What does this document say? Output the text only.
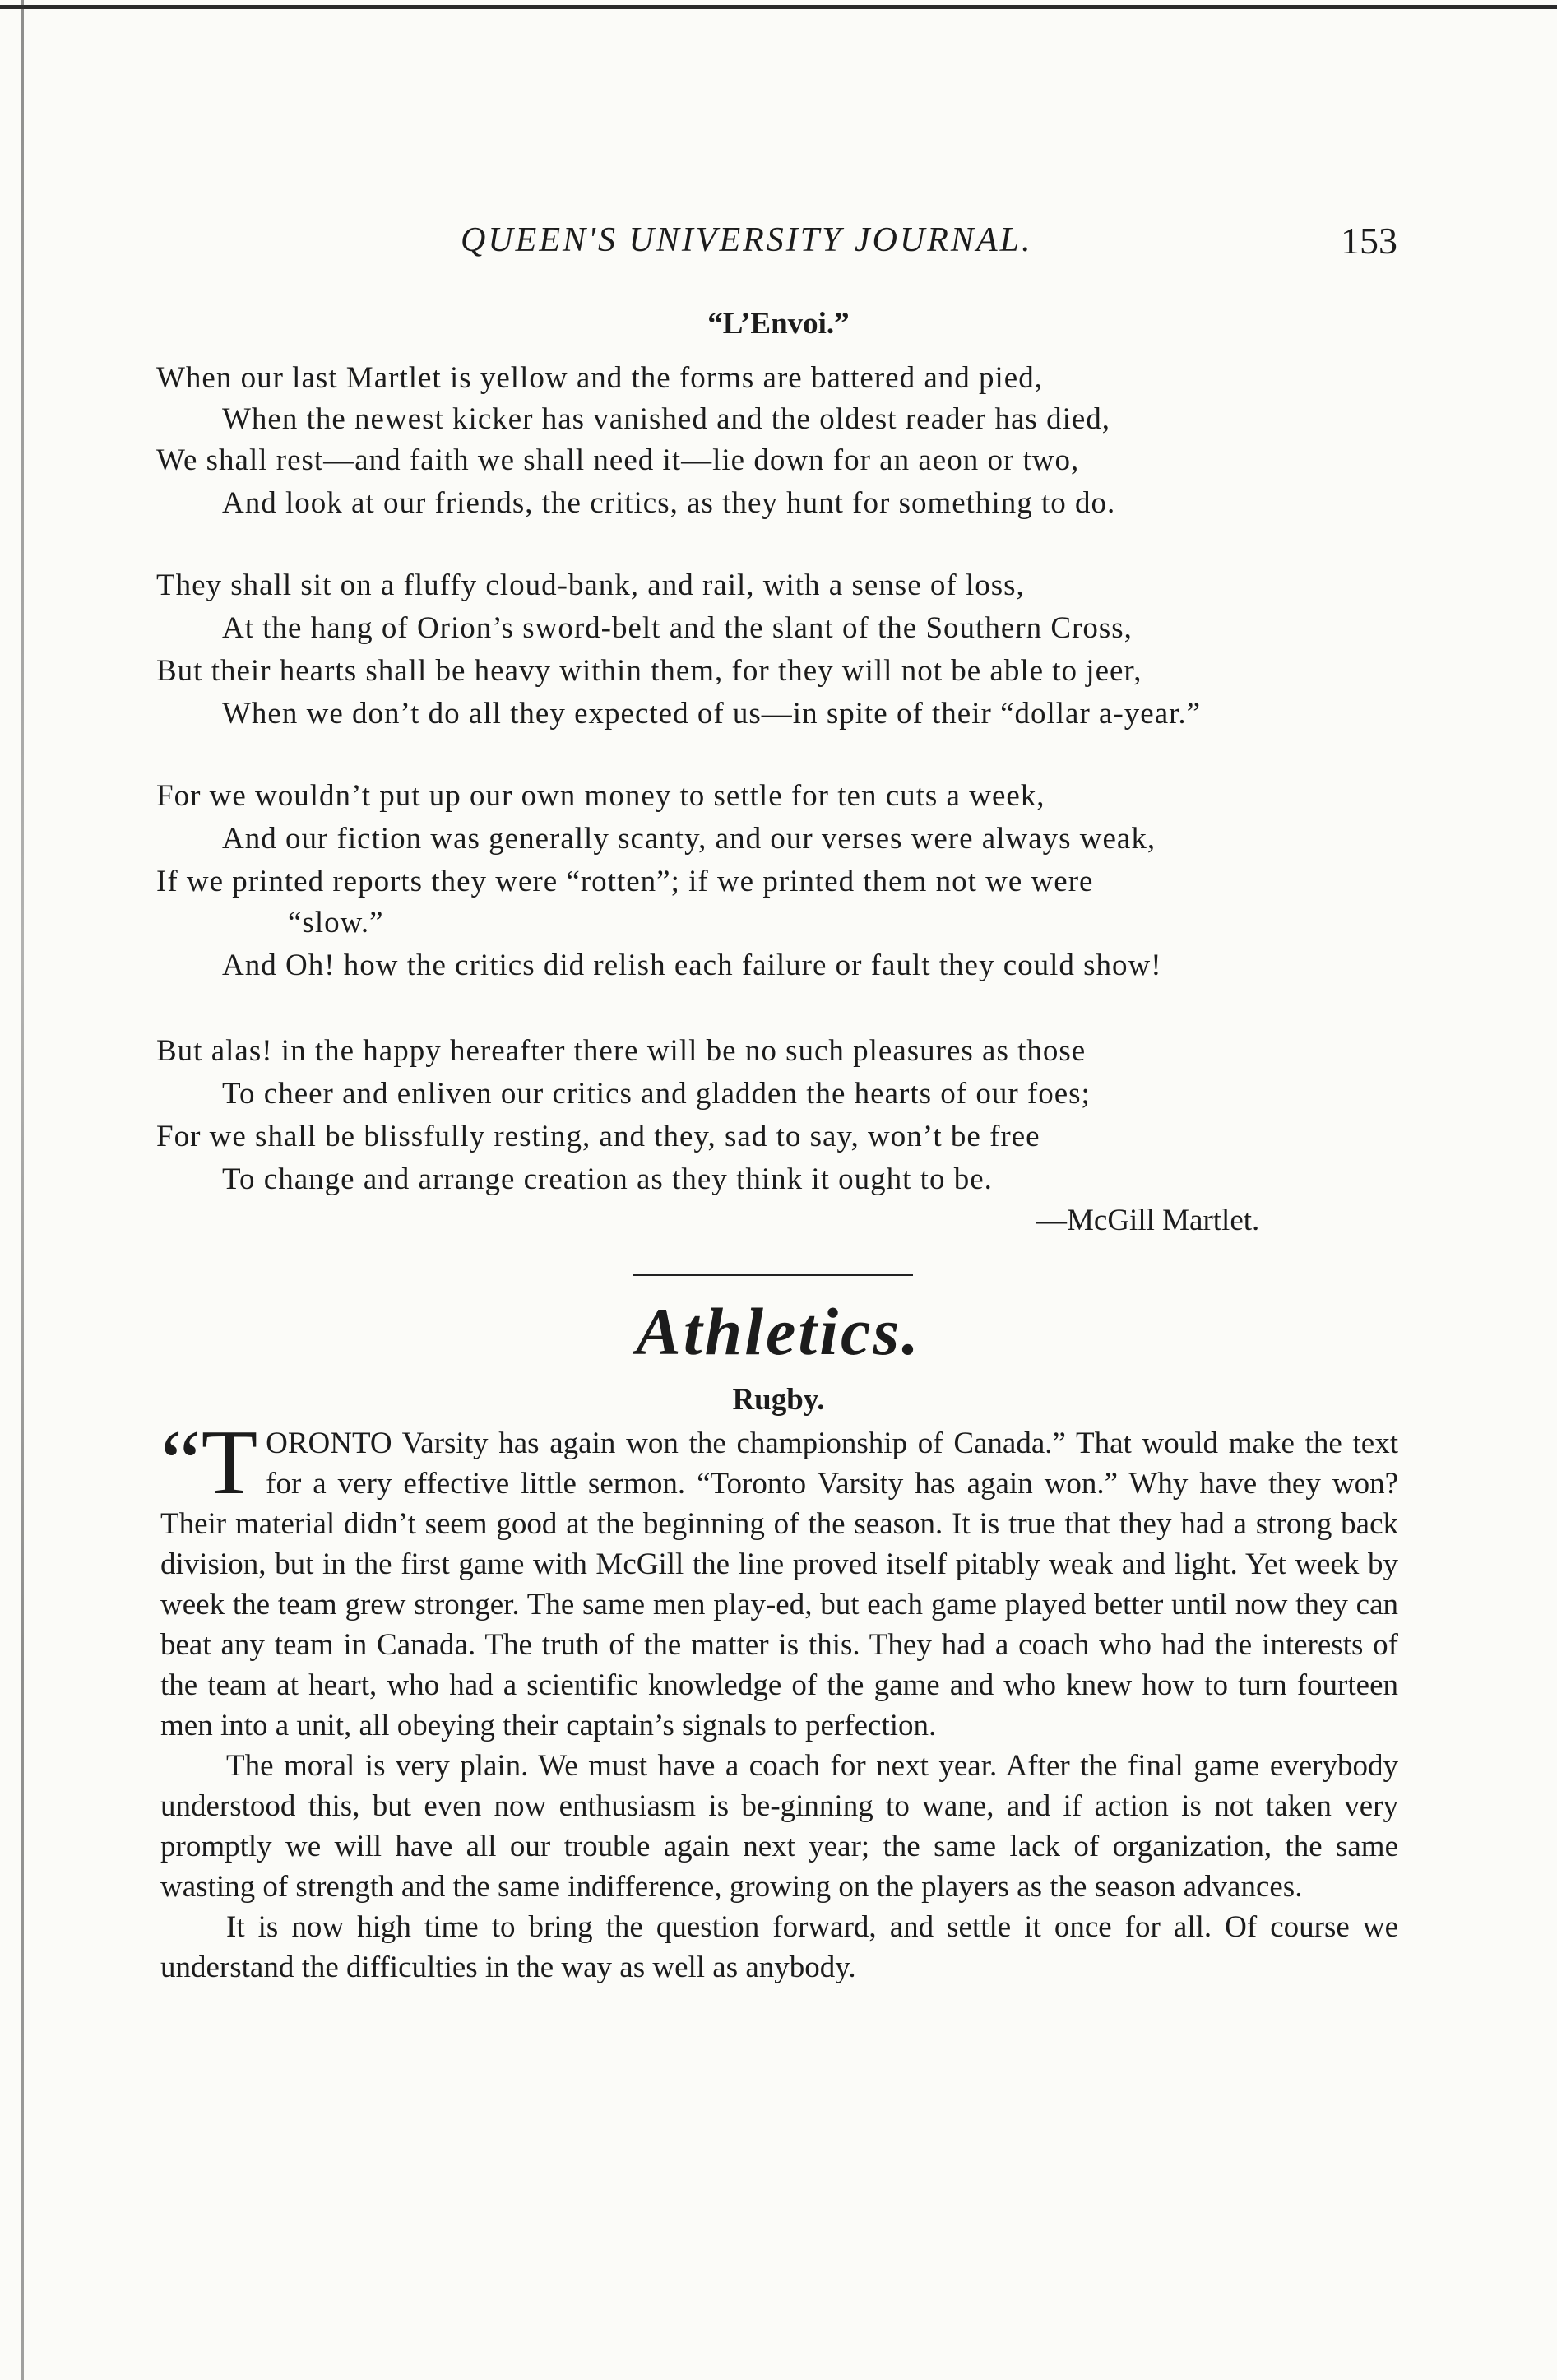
QUEEN'S UNIVERSITY JOURNAL.	153
“L’Envoi.”
When our last Martlet is yellow and the forms are battered and pied,
When the newest kicker has vanished and the oldest reader has died,
We shall rest—and faith we shall need it—lie down for an aeon or two,
And look at our friends, the critics, as they hunt for something to do.
They shall sit on a fluffy cloud-bank, and rail, with a sense of loss,
At the hang of Orion’s sword-belt and the slant of the Southern Cross,
But their hearts shall be heavy within them, for they will not be able to jeer,
When we don’t do all they expected of us—in spite of their “dollar a-year.”
For we wouldn’t put up our own money to settle for ten cuts a week,
And our fiction was generally scanty, and our verses were always weak,
If we printed reports they were “rotten”; if we printed them not we were
“slow.”
And Oh! how the critics did relish each failure or fault they could show!
But alas! in the happy hereafter there will be no such pleasures as those
To cheer and enliven our critics and gladden the hearts of our foes;
For we shall be blissfully resting, and they, sad to say, won’t be free
To change and arrange creation as they think it ought to be.
—McGill Martlet.
Athletics.
Rugby.

“TORONTO Varsity has again won the championship of Canada.” That would make the text for a very effective little sermon. “Toronto Varsity has again won.” Why have they won? Their material didn’t seem good at the beginning of the season. It is true that they had a strong back division, but in the first game with McGill the line proved itself pitably weak and light. Yet week by week the team grew stronger. The same men play-ed, but each game played better until now they can beat any team in Canada. The truth of the matter is this. They had a coach who had the interests of the team at heart, who had a scientific knowledge of the game and who knew how to turn fourteen men into a unit, all obeying their captain’s signals to perfection.

The moral is very plain. We must have a coach for next year. After the final game everybody understood this, but even now enthusiasm is be-ginning to wane, and if action is not taken very promptly we will have all our trouble again next year; the same lack of organization, the same wasting of strength and the same indifference, growing on the players as the season advances.

It is now high time to bring the question forward, and settle it once for all. Of course we understand the difficulties in the way as well as anybody.
